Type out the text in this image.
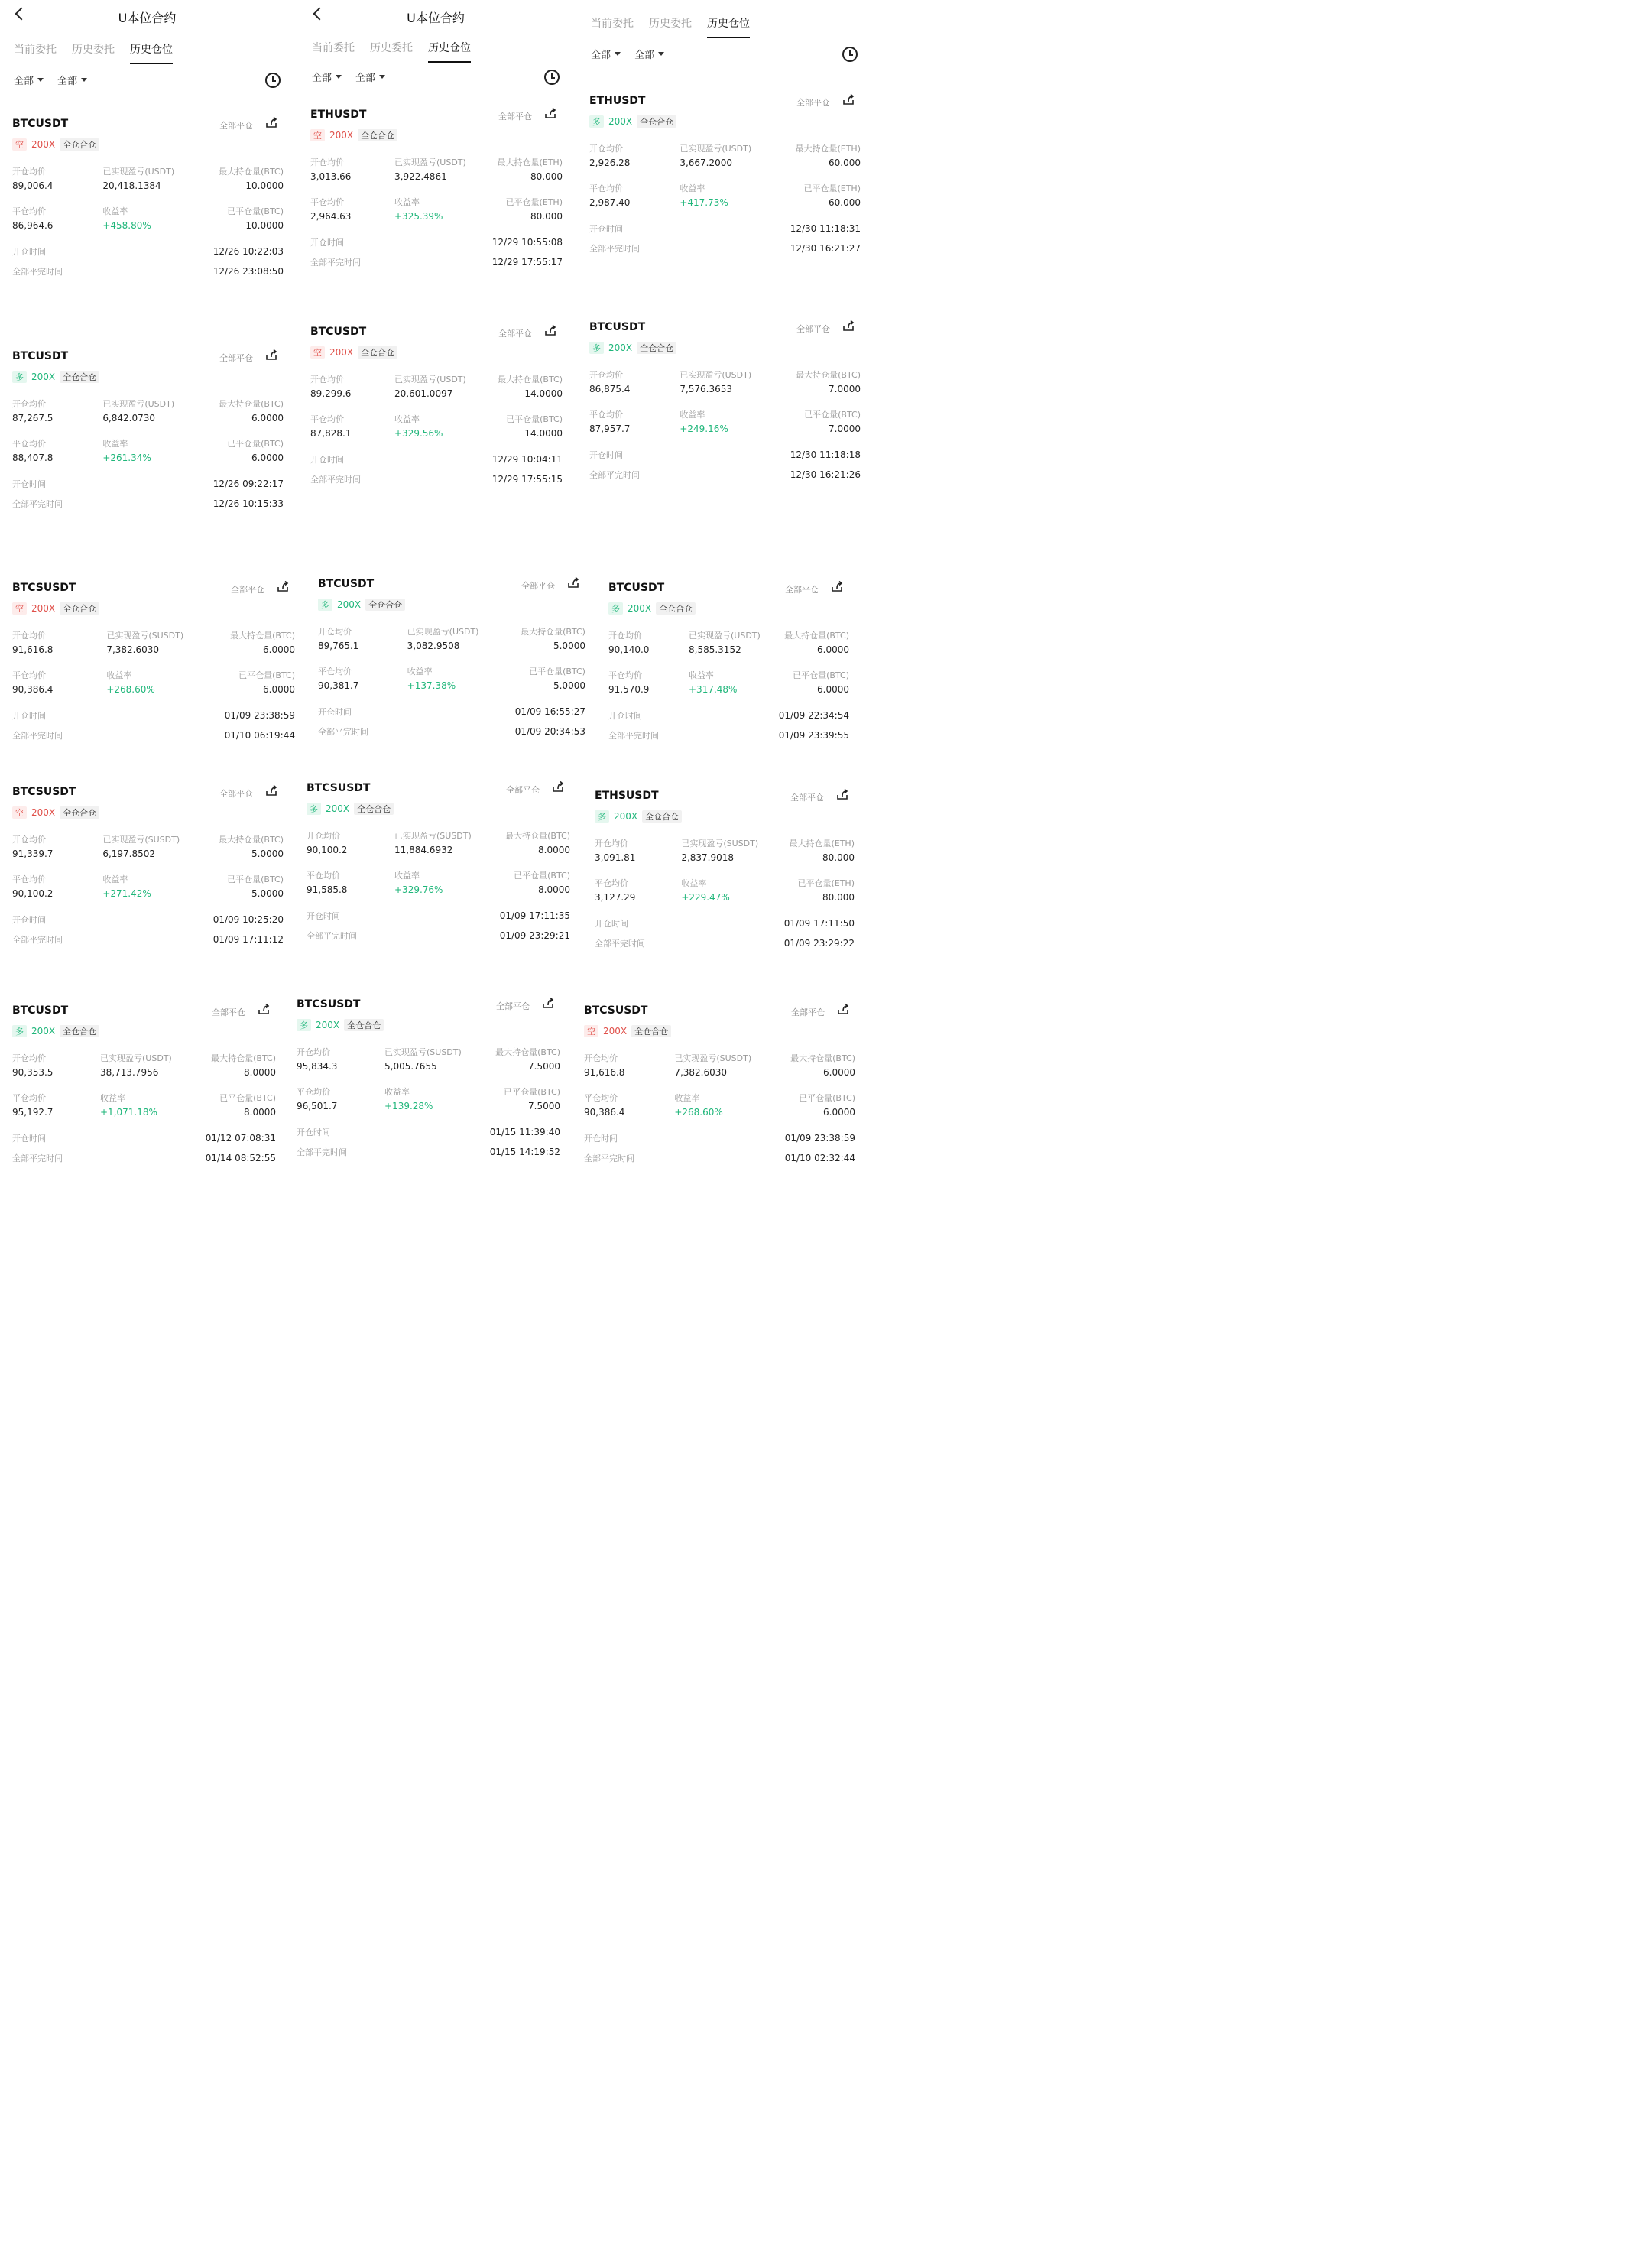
U本位合约
当前委托 历史委托 历史仓位
全部 全部
BTCUSDT	全部平仓
空 200X 全仓合仓
开仓均价
89,006.4
已实现盈亏(USDT)
20,418.1384
最大持仓量(BTC)
10.0000
平仓均价
86,964.6
收益率
+458.80%
已平仓量(BTC)
10.0000
开仓时间	12/26 10:22:03
全部平完时间	12/26 23:08:50
BTCUSDT	全部平仓
多 200X 全仓合仓
开仓均价
87,267.5
已实现盈亏(USDT)
6,842.0730
最大持仓量(BTC)
6.0000
平仓均价
88,407.8
收益率
+261.34%
已平仓量(BTC)
6.0000
开仓时间	12/26 09:22:17
全部平完时间	12/26 10:15:33
U本位合约
当前委托 历史委托 历史仓位
全部 全部
ETHUSDT	全部平仓
空 200X 全仓合仓
开仓均价
3,013.66
已实现盈亏(USDT)
3,922.4861
最大持仓量(ETH)
80.000
平仓均价
2,964.63
收益率
+325.39%
已平仓量(ETH)
80.000
开仓时间	12/29 10:55:08
全部平完时间	12/29 17:55:17
BTCUSDT	全部平仓
空 200X 全仓合仓
开仓均价
89,299.6
已实现盈亏(USDT)
20,601.0097
最大持仓量(BTC)
14.0000
平仓均价
87,828.1
收益率
+329.56%
已平仓量(BTC)
14.0000
开仓时间	12/29 10:04:11
全部平完时间	12/29 17:55:15
当前委托 历史委托 历史仓位
全部 全部
ETHUSDT	全部平仓
多 200X 全仓合仓
开仓均价
2,926.28
已实现盈亏(USDT)
3,667.2000
最大持仓量(ETH)
60.000
平仓均价
2,987.40
收益率
+417.73%
已平仓量(ETH)
60.000
开仓时间	12/30 11:18:31
全部平完时间	12/30 16:21:27
BTCUSDT	全部平仓
多 200X 全仓合仓
开仓均价
86,875.4
已实现盈亏(USDT)
7,576.3653
最大持仓量(BTC)
7.0000
平仓均价
87,957.7
收益率
+249.16%
已平仓量(BTC)
7.0000
开仓时间	12/30 11:18:18
全部平完时间	12/30 16:21:26
BTCSUSDT	全部平仓
空 200X 全仓合仓
开仓均价
91,616.8
已实现盈亏(SUSDT)
7,382.6030
最大持仓量(BTC)
6.0000
平仓均价
90,386.4
收益率
+268.60%
已平仓量(BTC)
6.0000
开仓时间	01/09 23:38:59
全部平完时间	01/10 06:19:44
BTCUSDT	全部平仓
多 200X 全仓合仓
开仓均价
89,765.1
已实现盈亏(USDT)
3,082.9508
最大持仓量(BTC)
5.0000
平仓均价
90,381.7
收益率
+137.38%
已平仓量(BTC)
5.0000
开仓时间	01/09 16:55:27
全部平完时间	01/09 20:34:53
BTCUSDT	全部平仓
多 200X 全仓合仓
开仓均价
90,140.0
已实现盈亏(USDT)
8,585.3152
最大持仓量(BTC)
6.0000
平仓均价
91,570.9
收益率
+317.48%
已平仓量(BTC)
6.0000
开仓时间	01/09 22:34:54
全部平完时间	01/09 23:39:55
BTCSUSDT	全部平仓
空 200X 全仓合仓
开仓均价
91,339.7
已实现盈亏(SUSDT)
6,197.8502
最大持仓量(BTC)
5.0000
平仓均价
90,100.2
收益率
+271.42%
已平仓量(BTC)
5.0000
开仓时间	01/09 10:25:20
全部平完时间	01/09 17:11:12
BTCSUSDT	全部平仓
多 200X 全仓合仓
开仓均价
90,100.2
已实现盈亏(SUSDT)
11,884.6932
最大持仓量(BTC)
8.0000
平仓均价
91,585.8
收益率
+329.76%
已平仓量(BTC)
8.0000
开仓时间	01/09 17:11:35
全部平完时间	01/09 23:29:21
ETHSUSDT	全部平仓
多 200X 全仓合仓
开仓均价
3,091.81
已实现盈亏(SUSDT)
2,837.9018
最大持仓量(ETH)
80.000
平仓均价
3,127.29
收益率
+229.47%
已平仓量(ETH)
80.000
开仓时间	01/09 17:11:50
全部平完时间	01/09 23:29:22
BTCUSDT	全部平仓
多 200X 全仓合仓
开仓均价
90,353.5
已实现盈亏(USDT)
38,713.7956
最大持仓量(BTC)
8.0000
平仓均价
95,192.7
收益率
+1,071.18%
已平仓量(BTC)
8.0000
开仓时间	01/12 07:08:31
全部平完时间	01/14 08:52:55
BTCSUSDT	全部平仓
多 200X 全仓合仓
开仓均价
95,834.3
已实现盈亏(SUSDT)
5,005.7655
最大持仓量(BTC)
7.5000
平仓均价
96,501.7
收益率
+139.28%
已平仓量(BTC)
7.5000
开仓时间	01/15 11:39:40
全部平完时间	01/15 14:19:52
BTCSUSDT	全部平仓
空 200X 全仓合仓
开仓均价
91,616.8
已实现盈亏(SUSDT)
7,382.6030
最大持仓量(BTC)
6.0000
平仓均价
90,386.4
收益率
+268.60%
已平仓量(BTC)
6.0000
开仓时间	01/09 23:38:59
全部平完时间	01/10 02:32:44
